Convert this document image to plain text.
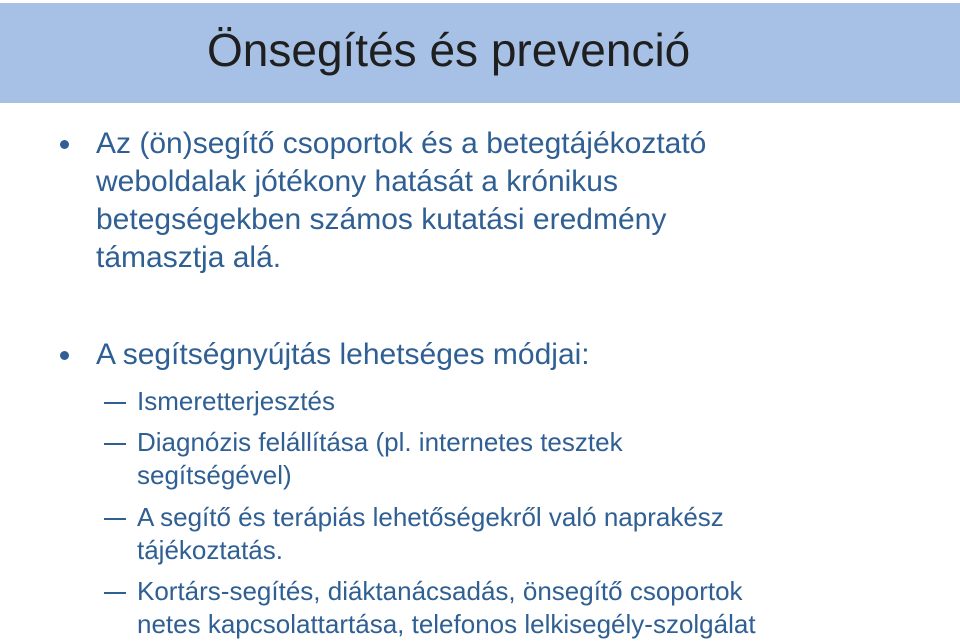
Önsegítés és prevenció
Az (ön)segítő csoportok és a betegtájékoztató
weboldalak jótékony hatását a krónikus
betegségekben számos kutatási eredmény
támasztja alá.
A segítségnyújtás lehetséges módjai:
Ismeretterjesztés
Diagnózis felállítása (pl. internetes tesztek
segítségével)
A segítő és terápiás lehetőségekről való naprakész
tájékoztatás.
Kortárs-segítés, diáktanácsadás, önsegítő csoportok
netes kapcsolattartása, telefonos lelkisegély-szolgálat
